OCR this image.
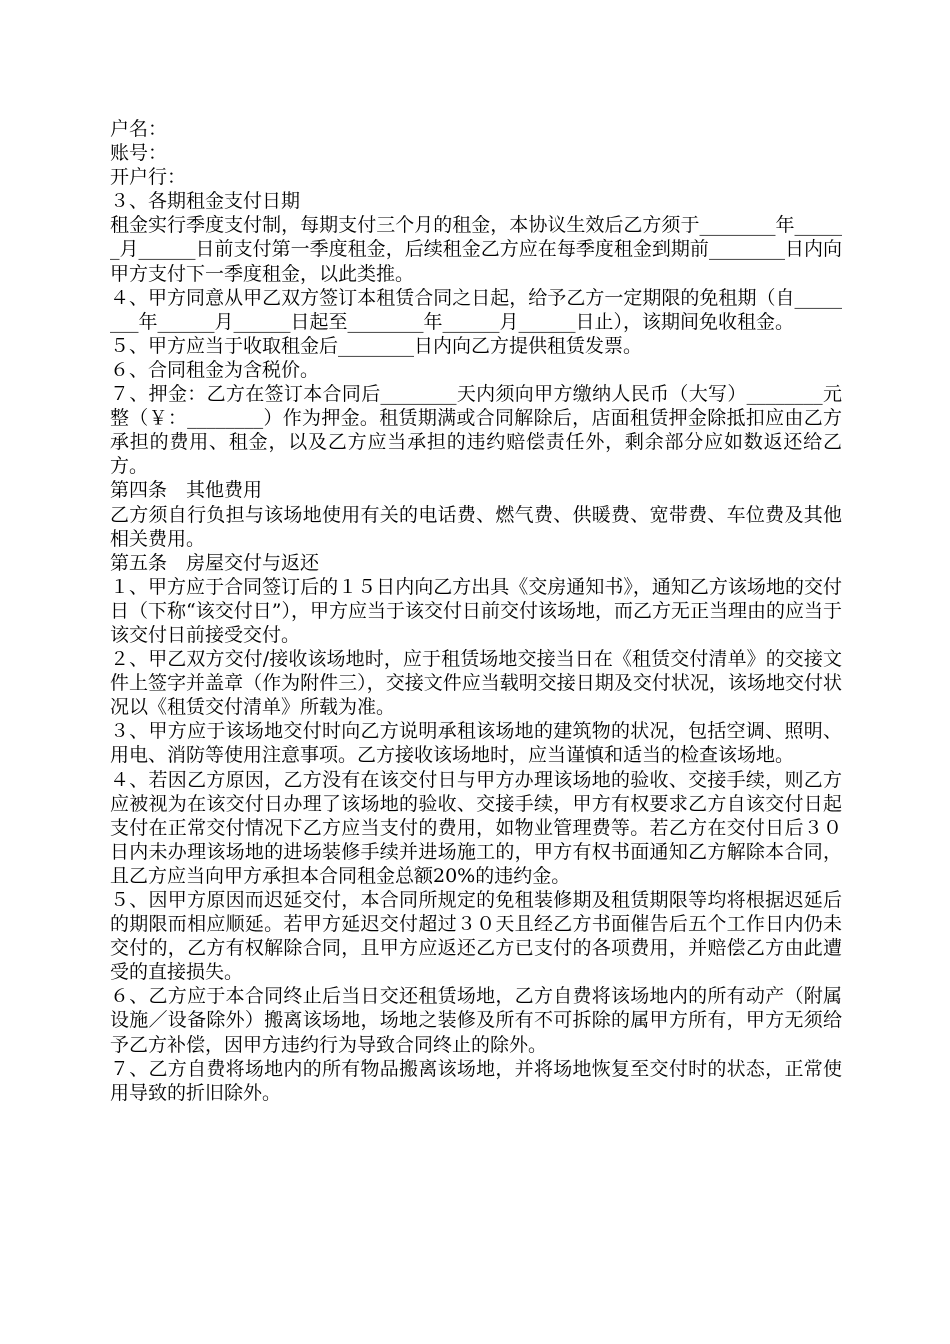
户名：

账号：

开户行：

３、各期租金支付日期

租金实行季度支付制，每期支付三个月的租金，本协议生效后乙方须于________年______月______日前支付第一季度租金，后续租金乙方应在每季度租金到期前________日内向甲方支付下一季度租金，以此类推。

４、甲方同意从甲乙双方签订本租赁合同之日起，给予乙方一定期限的免租期（自________年______月______日起至________年______月______日止），该期间免收租金。

５、甲方应当于收取租金后________日内向乙方提供租赁发票。

６、合同租金为含税价。

７、押金：乙方在签订本合同后________天内须向甲方缴纳人民币（大写）________元整（￥：________）作为押金。租赁期满或合同解除后，店面租赁押金除抵扣应由乙方承担的费用、租金，以及乙方应当承担的违约赔偿责任外，剩余部分应如数返还给乙方。

第四条　其他费用

乙方须自行负担与该场地使用有关的电话费、燃气费、供暖费、宽带费、车位费及其他相关费用。

第五条　房屋交付与返还

１、甲方应于合同签订后的１５日内向乙方出具《交房通知书》，通知乙方该场地的交付日（下称“该交付日”），甲方应当于该交付日前交付该场地，而乙方无正当理由的应当于该交付日前接受交付。

２、甲乙双方交付/接收该场地时，应于租赁场地交接当日在《租赁交付清单》的交接文件上签字并盖章（作为附件三），交接文件应当载明交接日期及交付状况，该场地交付状况以《租赁交付清单》所载为准。

３、甲方应于该场地交付时向乙方说明承租该场地的建筑物的状况，包括空调、照明、用电、消防等使用注意事项。乙方接收该场地时，应当谨慎和适当的检查该场地。

４、若因乙方原因，乙方没有在该交付日与甲方办理该场地的验收、交接手续，则乙方应被视为在该交付日办理了该场地的验收、交接手续，甲方有权要求乙方自该交付日起支付在正常交付情况下乙方应当支付的费用，如物业管理费等。若乙方在交付日后３０日内未办理该场地的进场装修手续并进场施工的，甲方有权书面通知乙方解除本合同，且乙方应当向甲方承担本合同租金总额20%的违约金。

５、因甲方原因而迟延交付，本合同所规定的免租装修期及租赁期限等均将根据迟延后的期限而相应顺延。若甲方延迟交付超过３０天且经乙方书面催告后五个工作日内仍未交付的，乙方有权解除合同，且甲方应返还乙方已支付的各项费用，并赔偿乙方由此遭受的直接损失。

６、乙方应于本合同终止后当日交还租赁场地，乙方自费将该场地内的所有动产（附属设施／设备除外）搬离该场地，场地之装修及所有不可拆除的属甲方所有，甲方无须给予乙方补偿，因甲方违约行为导致合同终止的除外。

７、乙方自费将场地内的所有物品搬离该场地，并将场地恢复至交付时的状态，正常使用导致的折旧除外。
